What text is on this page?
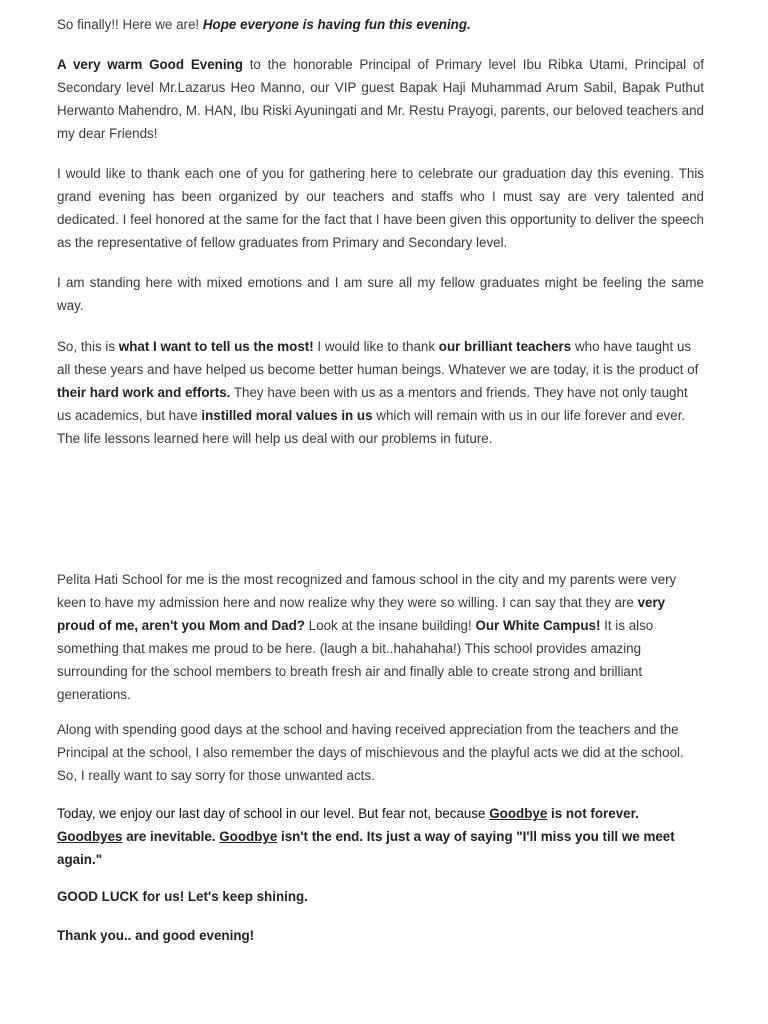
So finally!! Here we are! Hope everyone is having fun this evening.

A very warm Good Evening to the honorable Principal of Primary level Ibu Ribka Utami, Principal of Secondary level Mr.Lazarus Heo Manno, our VIP guest Bapak Haji Muhammad Arum Sabil, Bapak Puthut Herwanto Mahendro, M. HAN, Ibu Riski Ayuningati and Mr. Restu Prayogi, parents, our beloved teachers and my dear Friends!

I would like to thank each one of you for gathering here to celebrate our graduation day this evening. This grand evening has been organized by our teachers and staffs who I must say are very talented and dedicated. I feel honored at the same for the fact that I have been given this opportunity to deliver the speech as the representative of fellow graduates from Primary and Secondary level.

I am standing here with mixed emotions and I am sure all my fellow graduates might be feeling the same way.

So, this is what I want to tell us the most! I would like to thank our brilliant teachers who have taught us all these years and have helped us become better human beings. Whatever we are today, it is the product of their hard work and efforts. They have been with us as a mentors and friends. They have not only taught us academics, but have instilled moral values in us which will remain with us in our life forever and ever. The life lessons learned here will help us deal with our problems in future.

Pelita Hati School for me is the most recognized and famous school in the city and my parents were very keen to have my admission here and now realize why they were so willing. I can say that they are very proud of me, aren't you Mom and Dad? Look at the insane building! Our White Campus! It is also something that makes me proud to be here. (laugh a bit..hahahaha!) This school provides amazing surrounding for the school members to breath fresh air and finally able to create strong and brilliant generations.

Along with spending good days at the school and having received appreciation from the teachers and the Principal at the school, I also remember the days of mischievous and the playful acts we did at the school. So, I really want to say sorry for those unwanted acts.

Today, we enjoy our last day of school in our level. But fear not, because Goodbye is not forever. Goodbyes are inevitable. Goodbye isn't the end. Its just a way of saying "I'll miss you till we meet again."

GOOD LUCK for us! Let's keep shining.

Thank you.. and good evening!
